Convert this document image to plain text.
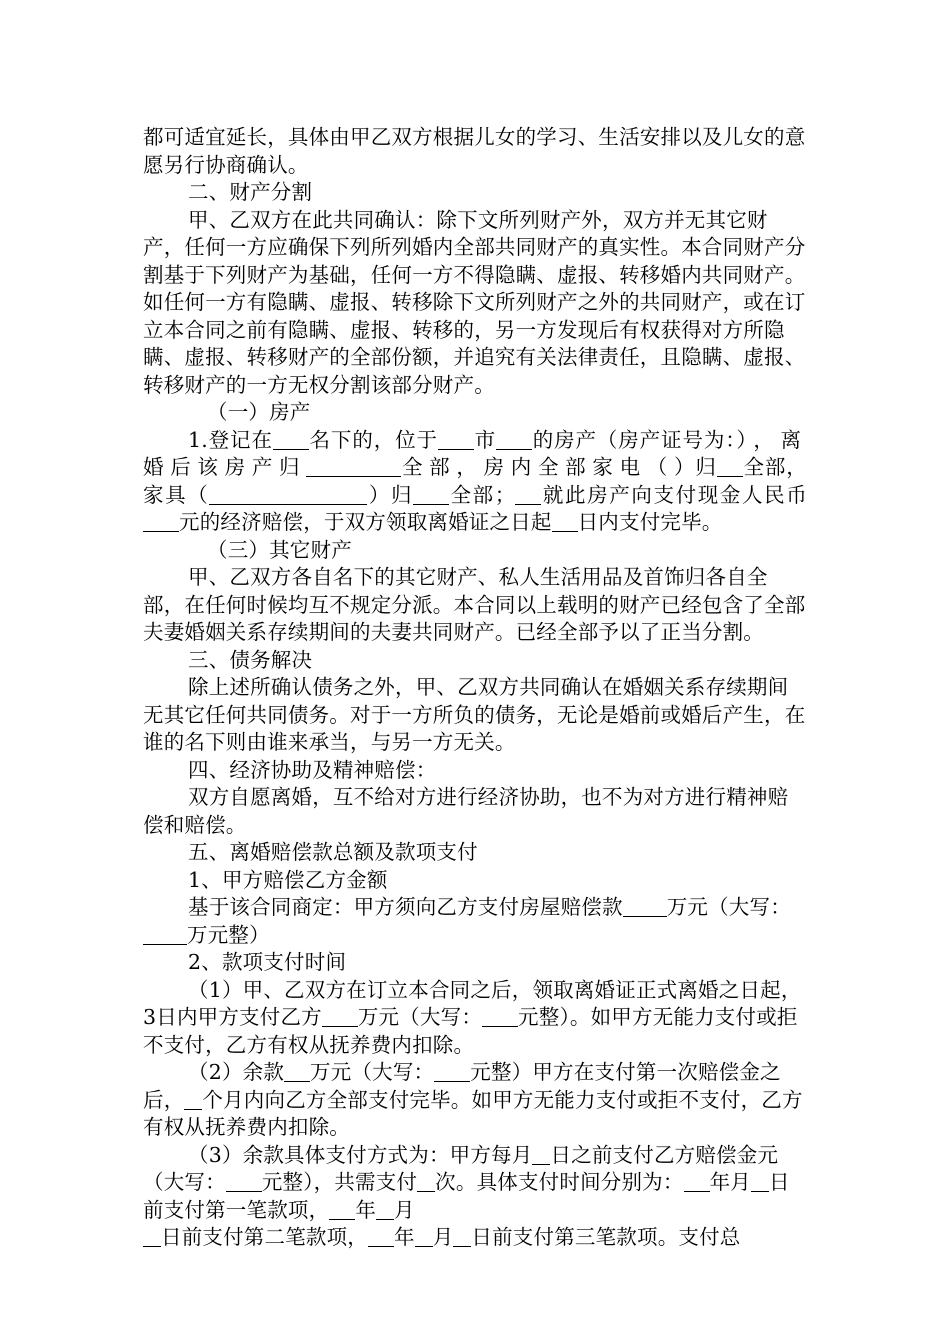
都可适宜延长，具体由甲乙双方根据儿女的学习、生活安排以及儿女的意愿另行协商确认。

二、财产分割

甲、乙双方在此共同确认：除下文所列财产外，双方并无其它财产，任何一方应确保下列所列婚内全部共同财产的真实性。本合同财产分割基于下列财产为基础，任何一方不得隐瞒、虚报、转移婚内共同财产。如任何一方有隐瞒、虚报、转移除下文所列财产之外的共同财产，或在订立本合同之前有隐瞒、虚报、转移的，另一方发现后有权获得对方所隐瞒、虚报、转移财产的全部份额，并追究有关法律责任，且隐瞒、虚报、转移财产的一方无权分割该部分财产。

（一）房产

1.登记在 名下的，位于 市 的房产（房产证号为：），离婚后该房产归	全部，房内全部家电（）归 全部，家具（	）归 全部； 就此房产向支付现金人民币元的经济赔偿，于双方领取离婚证之日起 日内支付完毕。

（三）其它财产

甲、乙双方各自名下的其它财产、私人生活用品及首饰归各自全部，在任何时候均互不规定分派。本合同以上载明的财产已经包含了全部夫妻婚姻关系存续期间的夫妻共同财产。已经全部予以了正当分割。

三、债务解决

除上述所确认债务之外，甲、乙双方共同确认在婚姻关系存续期间无其它任何共同债务。对于一方所负的债务，无论是婚前或婚后产生，在谁的名下则由谁来承当，与另一方无关。

四、经济协助及精神赔偿：

双方自愿离婚，互不给对方进行经济协助，也不为对方进行精神赔偿和赔偿。

五、离婚赔偿款总额及款项支付

1、甲方赔偿乙方金额

基于该合同商定：甲方须向乙方支付房屋赔偿款 万元（大写：万元整）

2、款项支付时间

（1）甲、乙双方在订立本合同之后，领取离婚证正式离婚之日起，3日内甲方支付乙方 万元（大写： 元整）。如甲方无能力支付或拒不支付，乙方有权从抚养费内扣除。

（2）余款 万元（大写： 元整）甲方在支付第一次赔偿金之后， 个月内向乙方全部支付完毕。如甲方无能力支付或拒不支付，乙方有权从抚养费内扣除。

（3）余款具体支付方式为：甲方每月 日之前支付乙方赔偿金元（大写： 元整），共需支付 次。具体支付时间分别为： 年月 日前支付第一笔款项， 年 月

日前支付第二笔款项， 年 月 日前支付第三笔款项。支付总
